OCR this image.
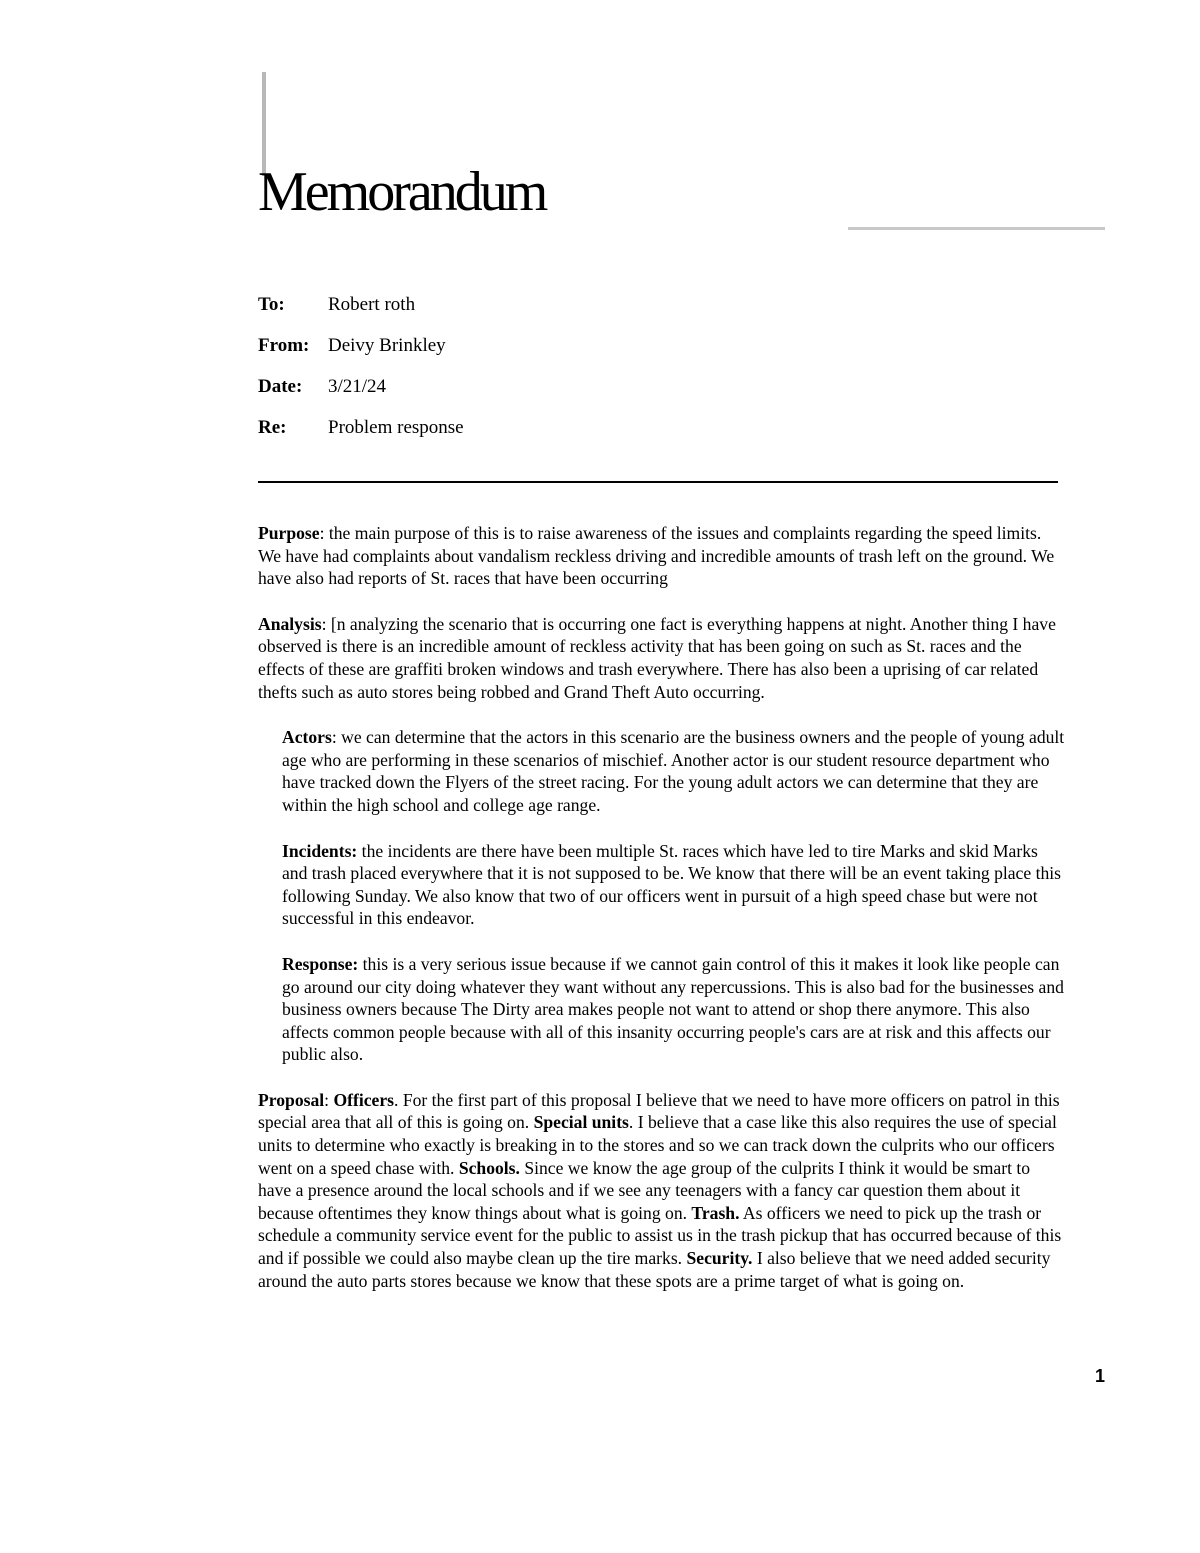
Memorandum
To: Robert roth
From: Deivy Brinkley
Date: 3/21/24
Re: Problem response

Purpose: the main purpose of this is to raise awareness of the issues and complaints regarding the speed limits. We have had complaints about vandalism reckless driving and incredible amounts of trash left on the ground. We have also had reports of St. races that have been occurring

Analysis: [n analyzing the scenario that is occurring one fact is everything happens at night. Another thing I have observed is there is an incredible amount of reckless activity that has been going on such as St. races and the effects of these are graffiti broken windows and trash everywhere. There has also been a uprising of car related thefts such as auto stores being robbed and Grand Theft Auto occurring.

Actors: we can determine that the actors in this scenario are the business owners and the people of young adult age who are performing in these scenarios of mischief. Another actor is our student resource department who have tracked down the Flyers of the street racing. For the young adult actors we can determine that they are within the high school and college age range.

Incidents: the incidents are there have been multiple St. races which have led to tire Marks and skid Marks and trash placed everywhere that it is not supposed to be. We know that there will be an event taking place this following Sunday. We also know that two of our officers went in pursuit of a high speed chase but were not successful in this endeavor.

Response: this is a very serious issue because if we cannot gain control of this it makes it look like people can go around our city doing whatever they want without any repercussions. This is also bad for the businesses and business owners because The Dirty area makes people not want to attend or shop there anymore. This also affects common people because with all of this insanity occurring people's cars are at risk and this affects our public also.

Proposal: Officers. For the first part of this proposal I believe that we need to have more officers on patrol in this special area that all of this is going on. Special units. I believe that a case like this also requires the use of special units to determine who exactly is breaking in to the stores and so we can track down the culprits who our officers went on a speed chase with. Schools. Since we know the age group of the culprits I think it would be smart to have a presence around the local schools and if we see any teenagers with a fancy car question them about it because oftentimes they know things about what is going on. Trash. As officers we need to pick up the trash or schedule a community service event for the public to assist us in the trash pickup that has occurred because of this and if possible we could also maybe clean up the tire marks. Security. I also believe that we need added security around the auto parts stores because we know that these spots are a prime target of what is going on.

1
